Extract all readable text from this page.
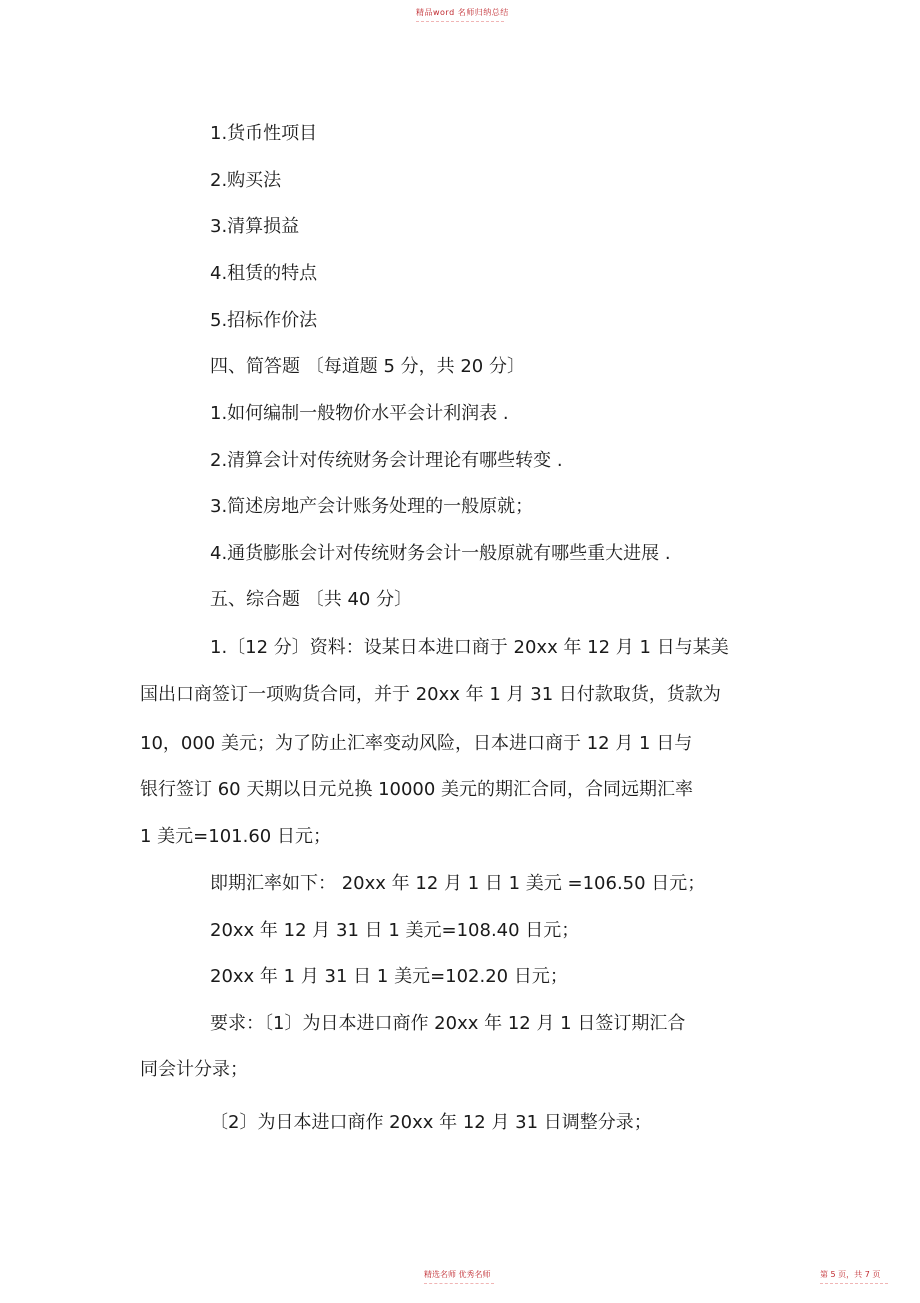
精品word 名师归纳总结
1.货币性项目
2.购买法
3.清算损益
4.租赁的特点
5.招标作价法
四、简答题 〔每道题 5 分，共 20 分〕
1.如何编制一般物价水平会计利润表 .
2.清算会计对传统财务会计理论有哪些转变 .
3.简述房地产会计账务处理的一般原就；
4.通货膨胀会计对传统财务会计一般原就有哪些重大进展 .
五、综合题 〔共 40 分〕
1.〔12 分〕资料：设某日本进口商于 20xx 年 12 月 1 日与某美
国出口商签订一项购货合同，并于 20xx 年 1 月 31 日付款取货，货款为
10，000 美元；为了防止汇率变动风险，日本进口商于 12 月 1 日与
银行签订 60 天期以日元兑换 10000 美元的期汇合同，合同远期汇率
1 美元=101.60 日元；
即期汇率如下： 20xx 年 12 月 1 日 1 美元 =106.50 日元；
20xx 年 12 月 31 日 1 美元=108.40 日元；
20xx 年 1 月 31 日 1 美元=102.20 日元；
要求：〔1〕为日本进口商作 20xx 年 12 月 1 日签订期汇合
同会计分录；
〔2〕为日本进口商作 20xx 年 12 月 31 日调整分录；
精选名师 优秀名师	第 5 页，共 7 页
